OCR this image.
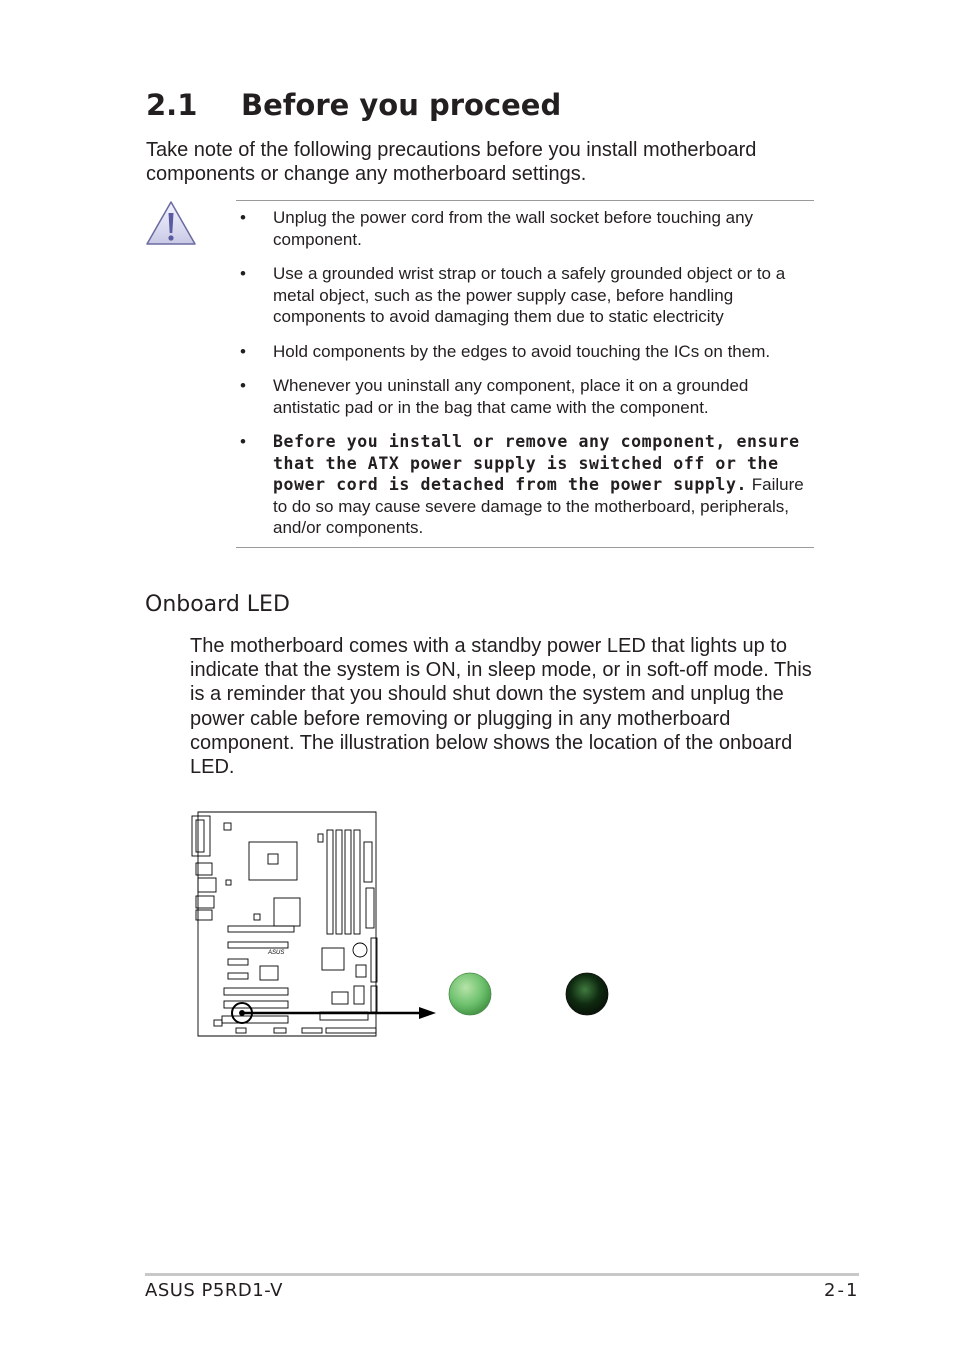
2.1 Before you proceed
Take note of the following precautions before you install motherboard components or change any motherboard settings.
• Unplug the power cord from the wall socket before touching any component.
• Use a grounded wrist strap or touch a safely grounded object or to a metal object, such as the power supply case, before handling components to avoid damaging them due to static electricity
• Hold components by the edges to avoid touching the ICs on them.
• Whenever you uninstall any component, place it on a grounded antistatic pad or in the bag that came with the component.
• Before you install or remove any component, ensure that the ATX power supply is switched off or the power cord is detached from the power supply. Failure to do so may cause severe damage to the motherboard, peripherals, and/or components.
Onboard LED
The motherboard comes with a standby power LED that lights up to indicate that the system is ON, in sleep mode, or in soft-off mode. This is a reminder that you should shut down the system and unplug the power cable before removing or plugging in any motherboard component. The illustration below shows the location of the onboard LED.
ASUS
ASUS P5RD1-V	2-1
